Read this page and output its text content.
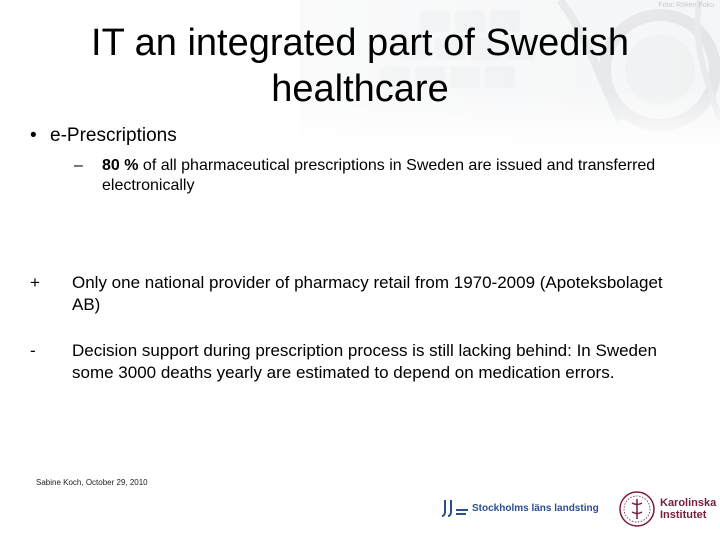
Foto: Röken Foku
IT an integrated part of Swedish healthcare
• e-Prescriptions
– 80 % of all pharmaceutical prescriptions in Sweden are issued and transferred electronically
+	Only one national provider of pharmacy retail from 1970-2009 (Apoteksbolaget AB)
-	Decision support during prescription process is still lacking behind: In Sweden some 3000 deaths yearly are estimated to depend on medication errors.
Sabine Koch, October 29, 2010
Stockholms läns landsting	Karolinska
Institutet
